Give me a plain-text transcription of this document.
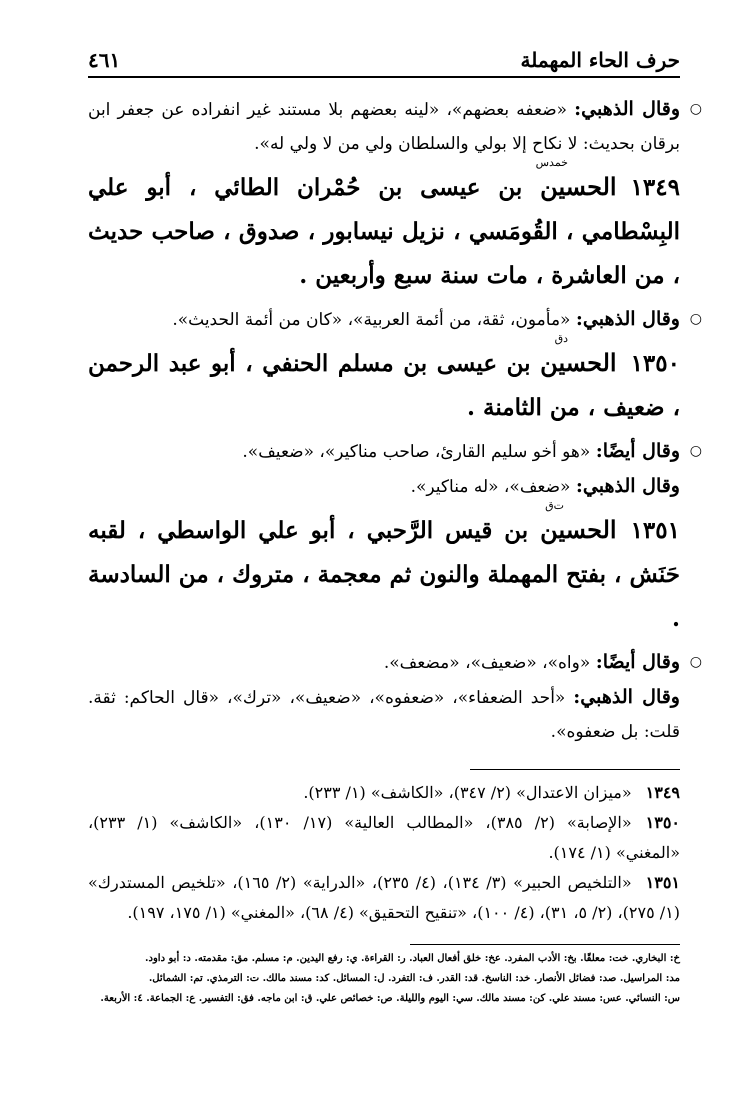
حرف الحاء المهملة
٤٦١
○
وقال الذهبي: «ضعفه بعضهم»، «لينه بعضهم بلا مستند غير انفراده عن جعفر ابن برقان بحديث: لا نكاح إلا بولي والسلطان ولي من لا ولي له».
خ‍مدس
١٣٤٩الحسين بن عيسى بن حُمْران الطائي ، أبو علي البِسْطامي ، القُومَسي ، نزيل نيسابور ، صدوق ، صاحب حديث ، من العاشرة ، مات سنة سبع وأربعين .
○
وقال الذهبي: «مأمون، ثقة، من أئمة العربية»، «كان من أئمة الحديث».
دق
١٣٥٠الحسين بن عيسى بن مسلم الحنفي ، أبو عبد الرحمن ، ضعيف ، من الثامنة .
○
وقال أيضًا: «هو أخو سليم القارئ، صاحب مناكير»، «ضعيف».
وقال الذهبي: «ضعف»، «له مناكير».
ت‌ق
١٣٥١الحسين بن قيس الرَّحبي ، أبو علي الواسطي ، لقبه حَنَش ، بفتح المهملة والنون ثم معجمة ، متروك ، من السادسة .
○
وقال أيضًا: «واه»، «ضعيف»، «مضعف».
وقال الذهبي: «أحد الضعفاء»، «ضعفوه»، «ضعيف»، «ترك»، «قال الحاكم: ثقة. قلت: بل ضعفوه».
١٣٤٩«ميزان الاعتدال» (٢/ ٣٤٧)، «الكاشف» (١/ ٢٣٣).
١٣٥٠«الإصابة» (٢/ ٣٨٥)، «المطالب العالية» (١٧/ ١٣٠)، «الكاشف» (١/ ٢٣٣)، «المغني» (١/ ١٧٤).
١٣٥١«التلخيص الحبير» (٣/ ١٣٤)، (٤/ ٢٣٥)، «الدراية» (٢/ ١٦٥)، «تلخيص المستدرك» (١/ ٢٧٥)، (٢/ ٥، ٣١)، (٤/ ١٠٠)، «تنقيح التحقيق» (٤/ ٦٨)، «المغني» (١/ ١٧٥، ١٩٧).
خ: البخاري. خت: معلقًا. بخ: الأدب المفرد. عخ: خلق أفعال العباد. ر: القراءة. ي: رفع اليدين. م: مسلم. مق: مقدمته. د: أبو داود.
مد: المراسيل. صد: فضائل الأنصار. خد: الناسخ. قد: القدر. ف: التفرد. ل: المسائل. كد: مسند مالك. ت: الترمذي. تم: الشمائل.
س: النسائي. عس: مسند علي. كن: مسند مالك. سي: اليوم والليلة. ص: خصائص علي. ق: ابن ماجه. فق: التفسير. ع: الجماعة. ٤: الأربعة.
